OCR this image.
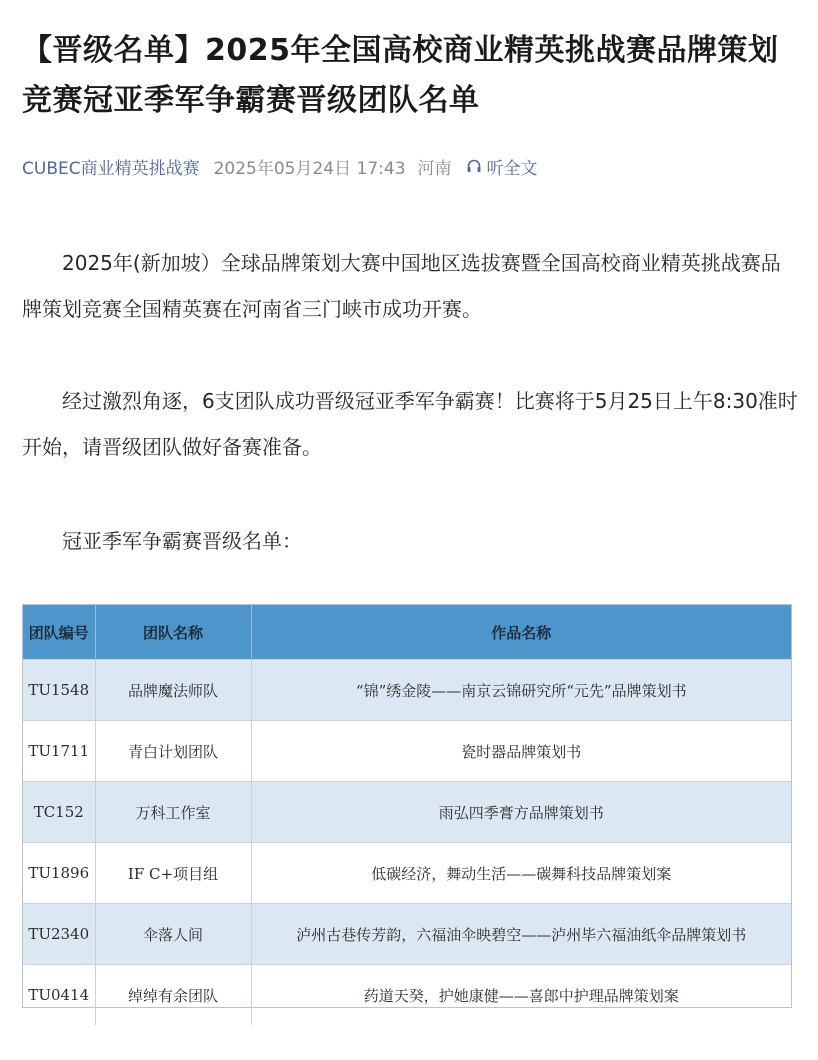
【晋级名单】2025年全国高校商业精英挑战赛品牌策划竞赛冠亚季军争霸赛晋级团队名单
CUBEC商业精英挑战赛 2025年05月24日 17:43 河南 听全文

2025年(新加坡）全球品牌策划大赛中国地区选拔赛暨全国高校商业精英挑战赛品牌策划竞赛全国精英赛在河南省三门峡市成功开赛。

经过激烈角逐，6支团队成功晋级冠亚季军争霸赛！比赛将于5月25日上午8:30准时开始，请晋级团队做好备赛准备。

冠亚季军争霸赛晋级名单：

团队编号	团队名称	作品名称
TU1548	品牌魔法师队	“锦”绣金陵——南京云锦研究所“元先”品牌策划书
TU1711	青白计划团队	瓷时器品牌策划书
TC152	万科工作室	雨弘四季膏方品牌策划书
TU1896	IF C+项目组	低碳经济，舞动生活——碳舞科技品牌策划案
TU2340	伞落人间	泸州古巷传芳韵，六福油伞映碧空——泸州毕六福油纸伞品牌策划书
TU0414	绰绰有余团队	药道天癸，护她康健——喜郎中护理品牌策划案
